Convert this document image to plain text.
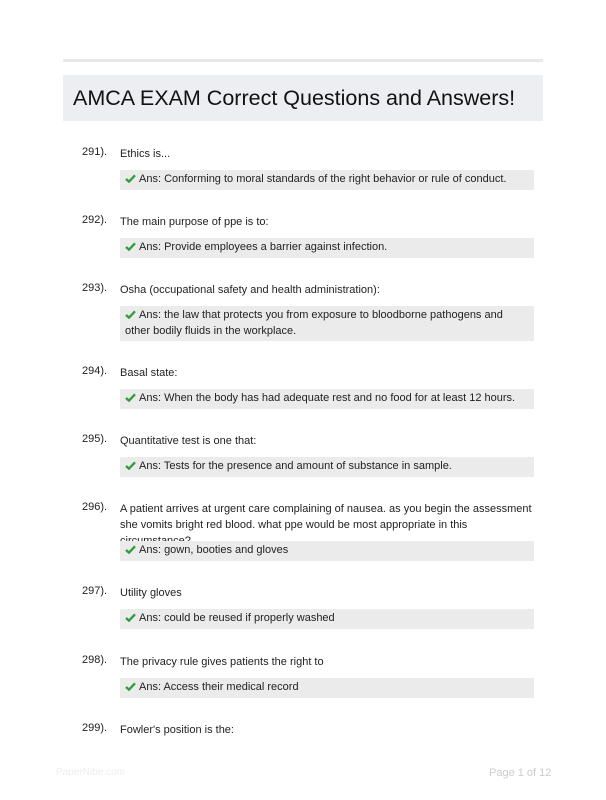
AMCA EXAM Correct Questions and Answers!
291). Ethics is...
Ans: Conforming to moral standards of the right behavior or rule of conduct.
292). The main purpose of ppe is to:
Ans: Provide employees a barrier against infection.
293). Osha (occupational safety and health administration):
Ans: the law that protects you from exposure to bloodborne pathogens and other bodily fluids in the workplace.
294). Basal state:
Ans: When the body has had adequate rest and no food for at least 12 hours.
295). Quantitative test is one that:
Ans: Tests for the presence and amount of substance in sample.
296). A patient arrives at urgent care complaining of nausea. as you begin the assessment she vomits bright red blood. what ppe would be most appropriate in this
Ans: gown, booties and gloves
297). Utility gloves
Ans: could be reused if properly washed
298). The privacy rule gives patients the right to
Ans: Access their medical record
299). Fowler's position is the:
PaperNibe.com	Page 1 of 12
